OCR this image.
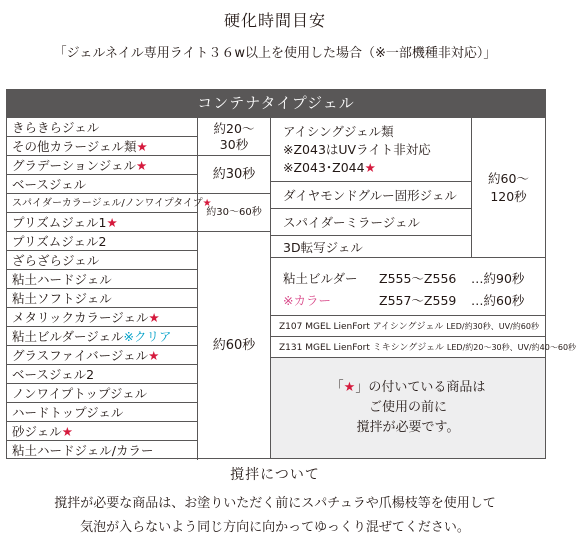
硬化時間目安
「ジェルネイル専用ライト３６w以上を使用した場合（※一部機種非対応）」
コンテナタイプジェル
きらきらジェル
その他カラージェル類★
グラデーションジェル★
ベースジェル
スパイダーカラージェル/ノンワイプタイプ★
プリズムジェル1★
プリズムジェル2
ざらざらジェル
粘土ハードジェル
粘土ソフトジェル
メタリックカラージェル★
粘土ビルダージェル※クリア
グラスファイバージェル★
ベースジェル2
ノンワイプトップジェル
ハードトップジェル
砂ジェル★
粘土ハードジェル/カラー
約20～
30秒
約30秒
約30～60秒
約60秒
アイシングジェル類
※Z043はUVライト非対応
※Z043･Z044★
ダイヤモンドグルー固形ジェル
スパイダーミラージェル
3D転写ジェル
約60～
120秒
粘土ビルダー
※カラー
Z555～Z556 …約90秒
Z557～Z559 …約60秒
Z107 MGEL LienFort アイシングジェル LED/約30秒、UV/約60秒
Z131 MGEL LienFort ミキシングジェル LED/約20～30秒、UV/約40～60秒
「★」の付いている商品は
ご使用の前に
撹拌が必要です。
撹拌について
撹拌が必要な商品は、お塗りいただく前にスパチュラや爪楊枝等を使用して
気泡が入らないよう同じ方向に向かってゆっくり混ぜてください。
